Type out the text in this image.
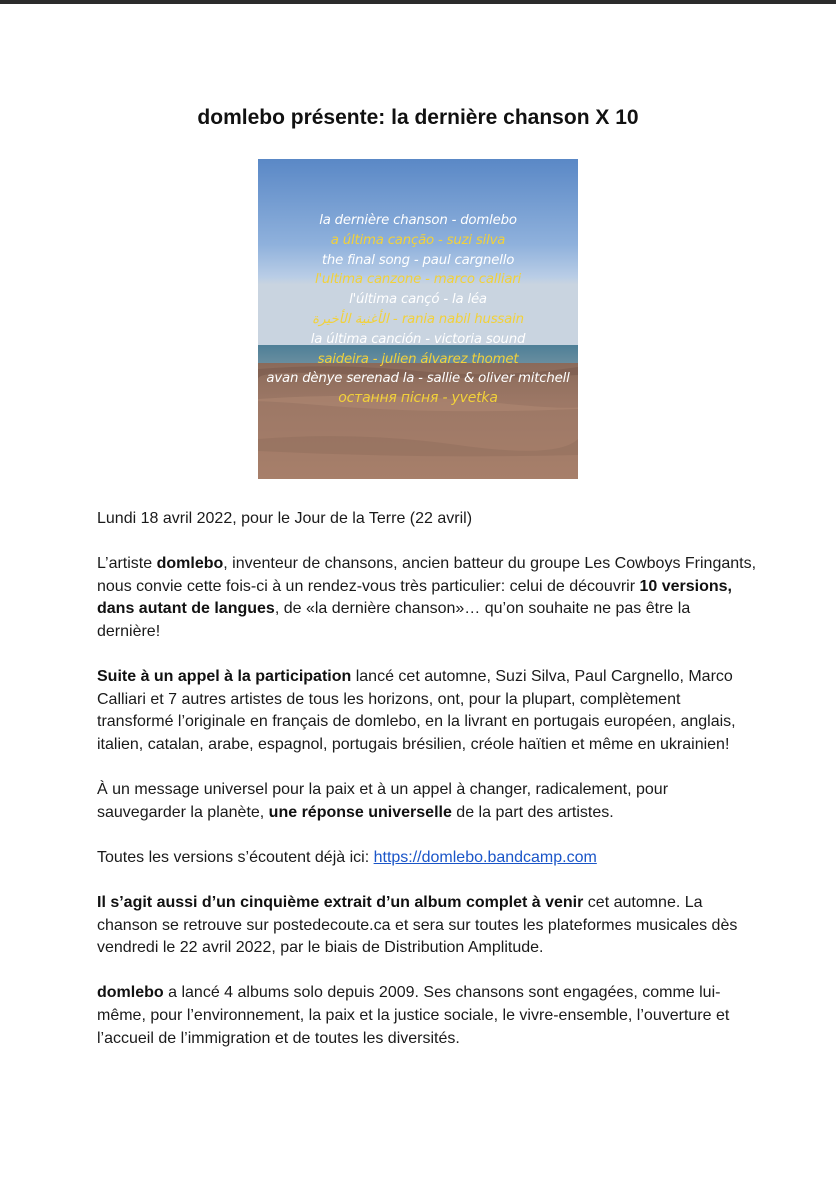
domlebo présente: la dernière chanson X 10
la dernière chanson - domlebo
a última canção - suzi silva
the final song - paul cargnello
l'ultima canzone - marco calliari
l'última cançó - la léa
الأغنية الأخيرة - rania nabil hussain
la última canción - victoria sound
saideira - julien álvarez thomet
avan dènye serenad la - sallie & oliver mitchell
остання пісня - yvetka

Lundi 18 avril 2022, pour le Jour de la Terre (22 avril)

L’artiste domlebo, inventeur de chansons, ancien batteur du groupe Les Cowboys Fringants, nous convie cette fois-ci à un rendez-vous très particulier: celui de découvrir 10 versions, dans autant de langues, de «la dernière chanson»… qu’on souhaite ne pas être la dernière!

Suite à un appel à la participation lancé cet automne, Suzi Silva, Paul Cargnello, Marco Calliari et 7 autres artistes de tous les horizons, ont, pour la plupart, complètement transformé l’originale en français de domlebo, en la livrant en portugais européen, anglais, italien, catalan, arabe, espagnol, portugais brésilien, créole haïtien et même en ukrainien!

À un message universel pour la paix et à un appel à changer, radicalement, pour sauvegarder la planète, une réponse universelle de la part des artistes.

Toutes les versions s’écoutent déjà ici: https://domlebo.bandcamp.com

Il s’agit aussi d’un cinquième extrait d’un album complet à venir cet automne. La chanson se retrouve sur postedecoute.ca et sera sur toutes les plateformes musicales dès vendredi le 22 avril 2022, par le biais de Distribution Amplitude.

domlebo a lancé 4 albums solo depuis 2009. Ses chansons sont engagées, comme lui-même, pour l’environnement, la paix et la justice sociale, le vivre-ensemble, l’ouverture et l’accueil de l’immigration et de toutes les diversités.
